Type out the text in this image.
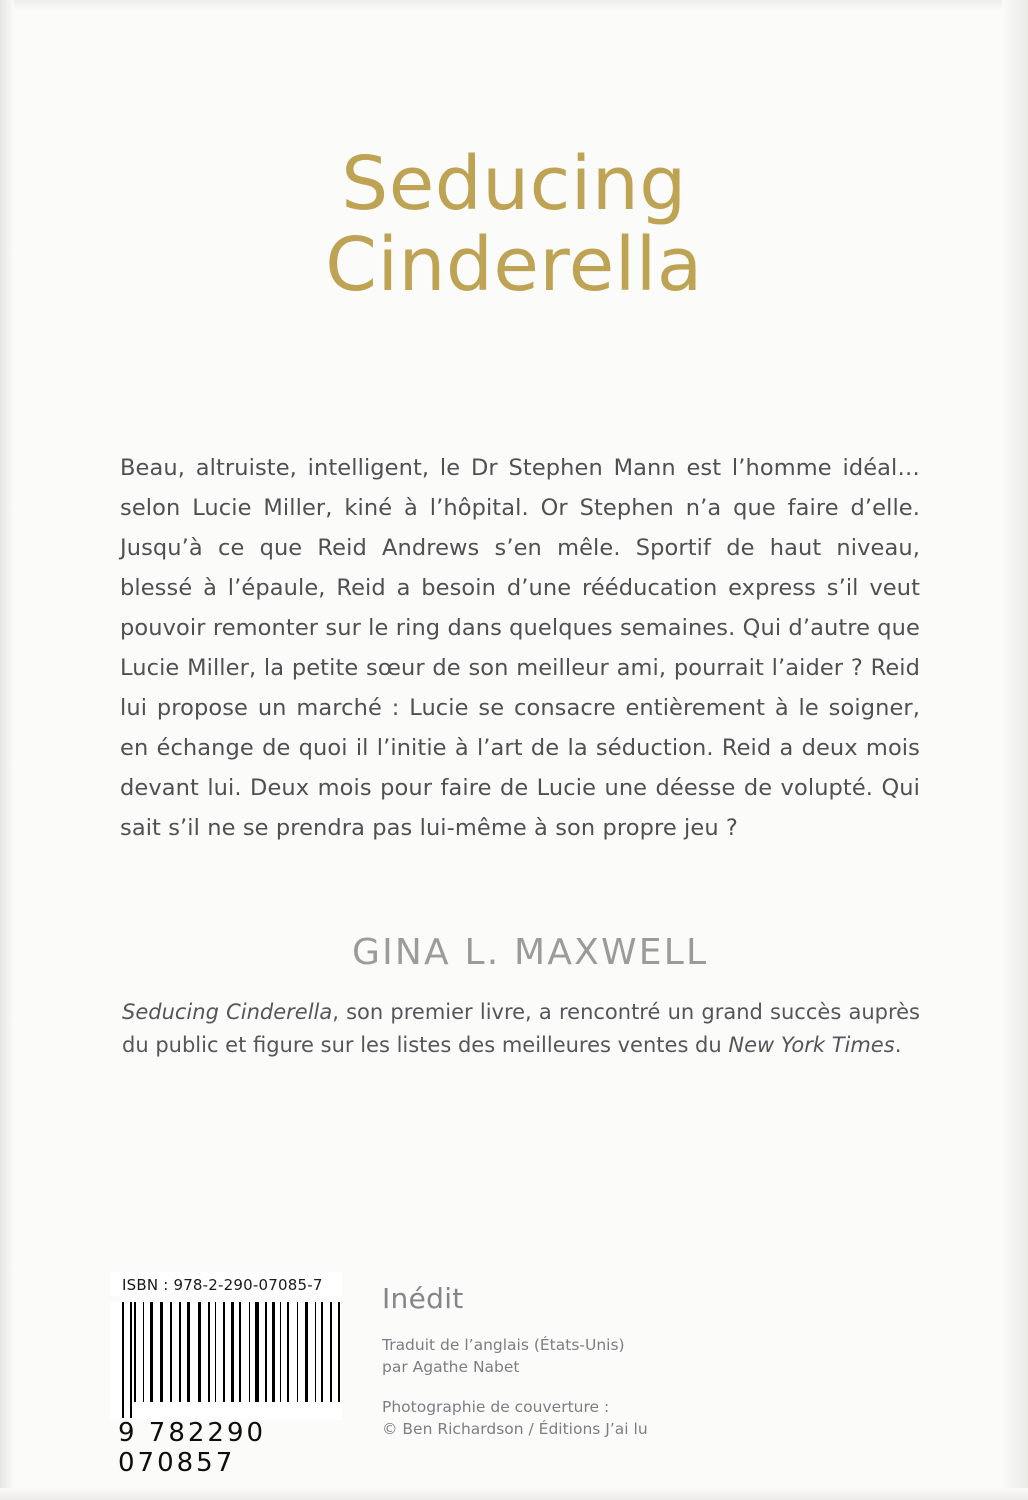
Seducing
Cinderella
Beau, altruiste, intelligent, le Dr Stephen Mann est l’homme idéal… selon Lucie Miller, kiné à l’hôpital. Or Stephen n’a que faire d’elle. Jusqu’à ce que Reid Andrews s’en mêle. Sportif de haut niveau, blessé à l’épaule, Reid a besoin d’une rééducation express s’il veut pouvoir remonter sur le ring dans quelques semaines. Qui d’autre que Lucie Miller, la petite sœur de son meilleur ami, pourrait l’aider ? Reid lui propose un marché : Lucie se consacre entièrement à le soigner, en échange de quoi il l’initie à l’art de la séduction. Reid a deux mois devant lui. Deux mois pour faire de Lucie une déesse de volupté. Qui sait s’il ne se prendra pas lui-même à son propre jeu ?
GINA L. MAXWELL
Seducing Cinderella, son premier livre, a rencontré un grand succès auprès du public et figure sur les listes des meilleures ventes du New York Times.
ISBN : 978-2-290-07085-7
9 782290 070857
Inédit
Traduit de l’anglais (États-Unis)
par Agathe Nabet
Photographie de couverture :
© Ben Richardson / Éditions J’ai lu
